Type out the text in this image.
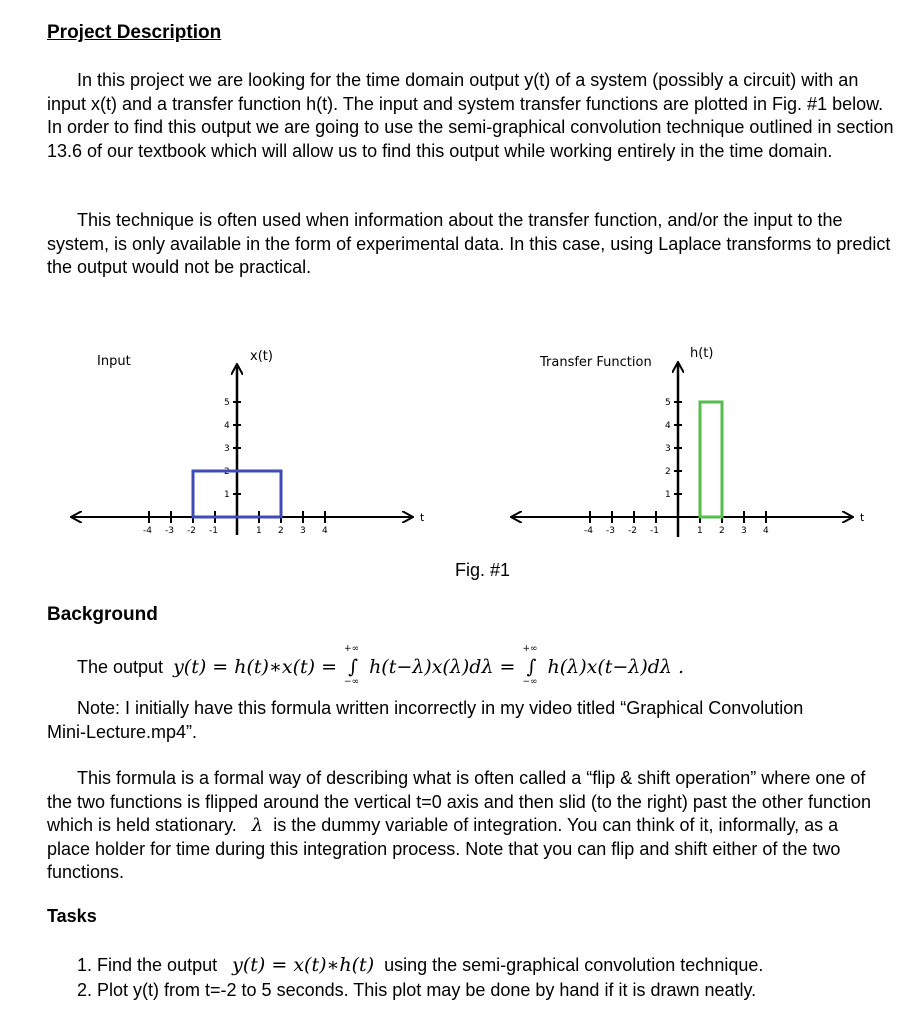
Project Description
In this project we are looking for the time domain output y(t) of a system (possibly a circuit) with an input x(t) and a transfer function h(t). The input and system transfer functions are plotted in Fig. #1 below. In order to find this output we are going to use the semi-graphical convolution technique outlined in section 13.6 of our textbook which will allow us to find this output while working entirely in the time domain.
This technique is often used when information about the transfer function, and/or the input to the system, is only available in the form of experimental data. In this case, using Laplace transforms to predict the output would not be practical.
Input	x(t)
t
-4 -3 -2 -1	1 2 3 4
1
2
3
4
5
Transfer Function
h(t)
t
-4 -3 -2 -1	1 2 3 4
1
2
3
4
5
Fig. #1
Background
The output y(t) = h(t)∗x(t) =
+∞
∫
−∞
h(t−λ)x(λ)dλ =
+∞
∫
−∞
h(λ)x(t−λ)dλ .
Note: I initially have this formula written incorrectly in my video titled “Graphical Convolution Mini-Lecture.mp4”.
This formula is a formal way of describing what is often called a “flip & shift operation” where one of the two functions is flipped around the vertical t=0 axis and then slid (to the right) past the other function which is held stationary. λ is the dummy variable of integration. You can think of it, informally, as a place holder for time during this integration process. Note that you can flip and shift either of the two functions.
Tasks
1. Find the output y(t) = x(t)∗h(t) using the semi-graphical convolution technique.
2. Plot y(t) from t=-2 to 5 seconds. This plot may be done by hand if it is drawn neatly.
